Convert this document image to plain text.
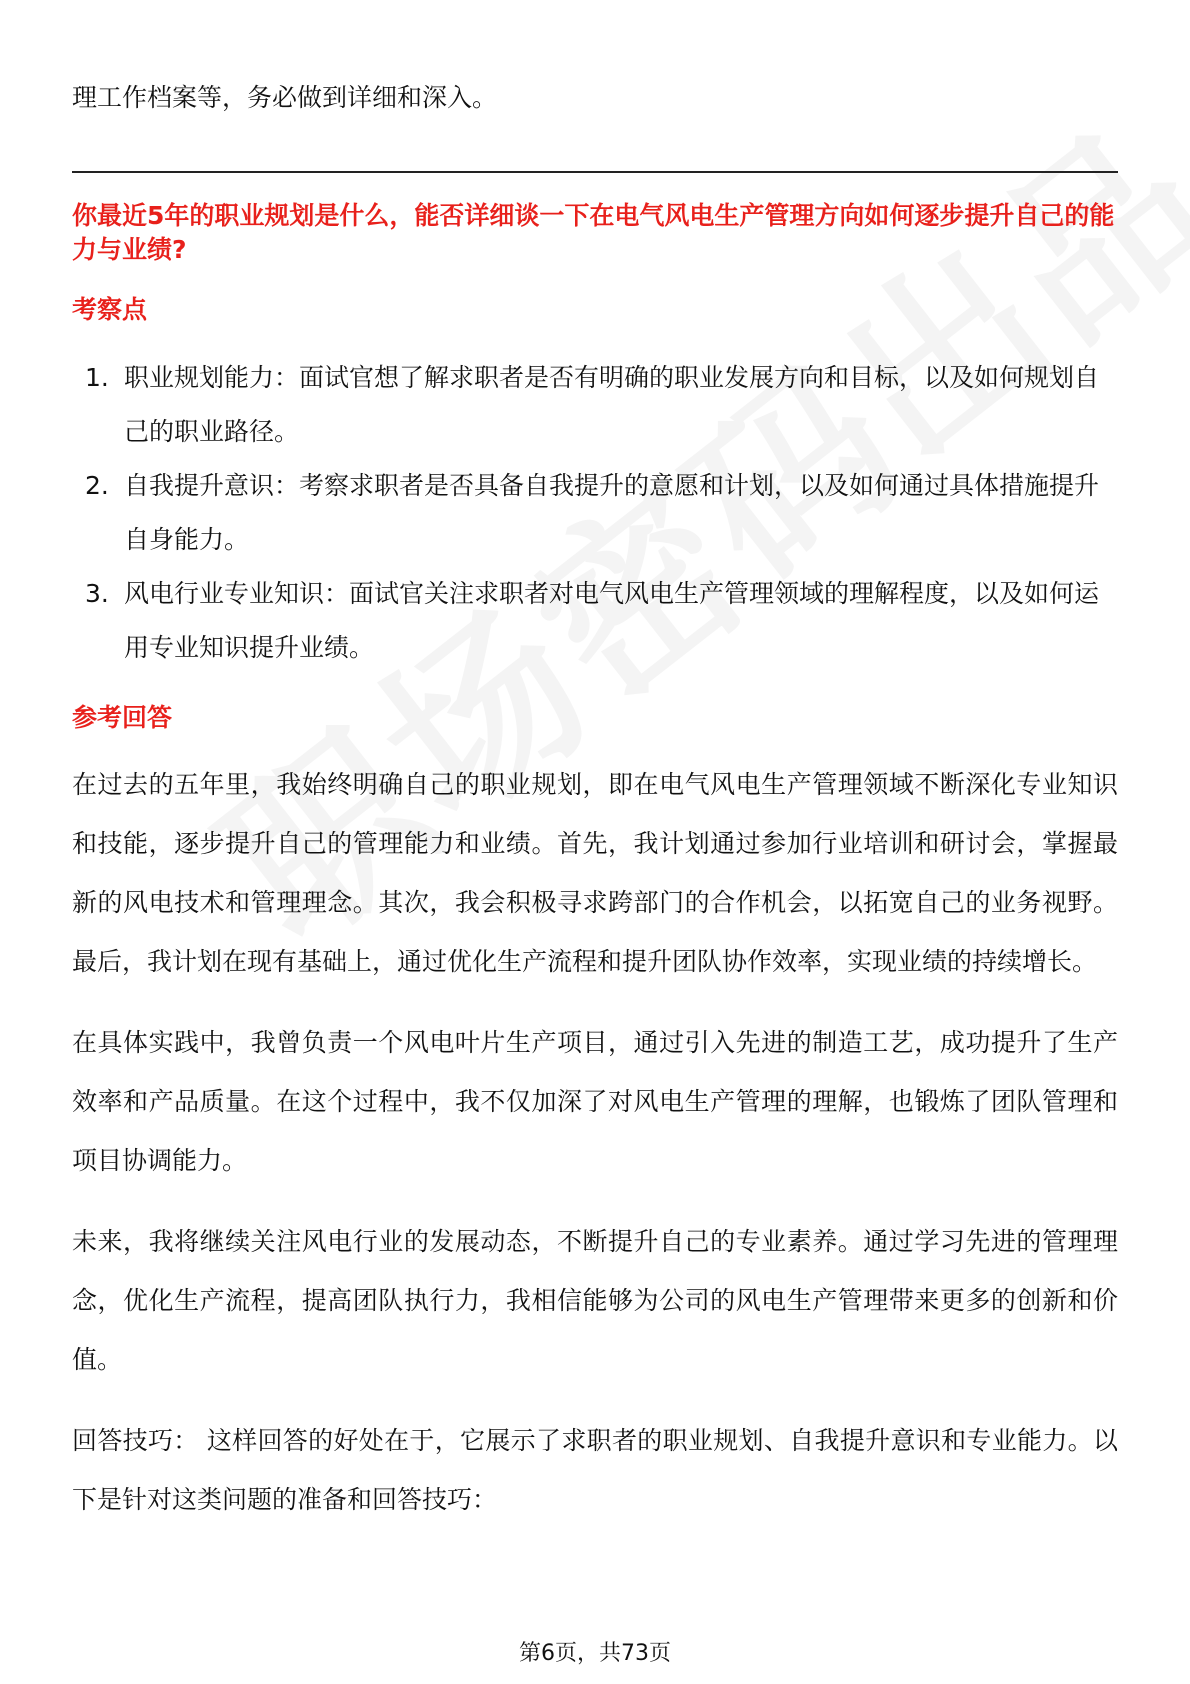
理工作档案等，务必做到详细和深入。

你最近5年的职业规划是什么，能否详细谈一下在电气风电生产管理方向如何逐步提升自己的能力与业绩?

考察点
1. 职业规划能力：面试官想了解求职者是否有明确的职业发展方向和目标，以及如何规划自己的职业路径。
2. 自我提升意识：考察求职者是否具备自我提升的意愿和计划，以及如何通过具体措施提升自身能力。
3. 风电行业专业知识：面试官关注求职者对电气风电生产管理领域的理解程度，以及如何运用专业知识提升业绩。
参考回答

在过去的五年里，我始终明确自己的职业规划，即在电气风电生产管理领域不断深化专业知识和技能，逐步提升自己的管理能力和业绩。首先，我计划通过参加行业培训和研讨会，掌握最新的风电技术和管理理念。其次，我会积极寻求跨部门的合作机会，以拓宽自己的业务视野。最后，我计划在现有基础上，通过优化生产流程和提升团队协作效率，实现业绩的持续增长。

在具体实践中，我曾负责一个风电叶片生产项目，通过引入先进的制造工艺，成功提升了生产效率和产品质量。在这个过程中，我不仅加深了对风电生产管理的理解，也锻炼了团队管理和项目协调能力。

未来，我将继续关注风电行业的发展动态，不断提升自己的专业素养。通过学习先进的管理理念，优化生产流程，提高团队执行力，我相信能够为公司的风电生产管理带来更多的创新和价值。

回答技巧： 这样回答的好处在于，它展示了求职者的职业规划、自我提升意识和专业能力。以下是针对这类问题的准备和回答技巧：

第6页，共73页
